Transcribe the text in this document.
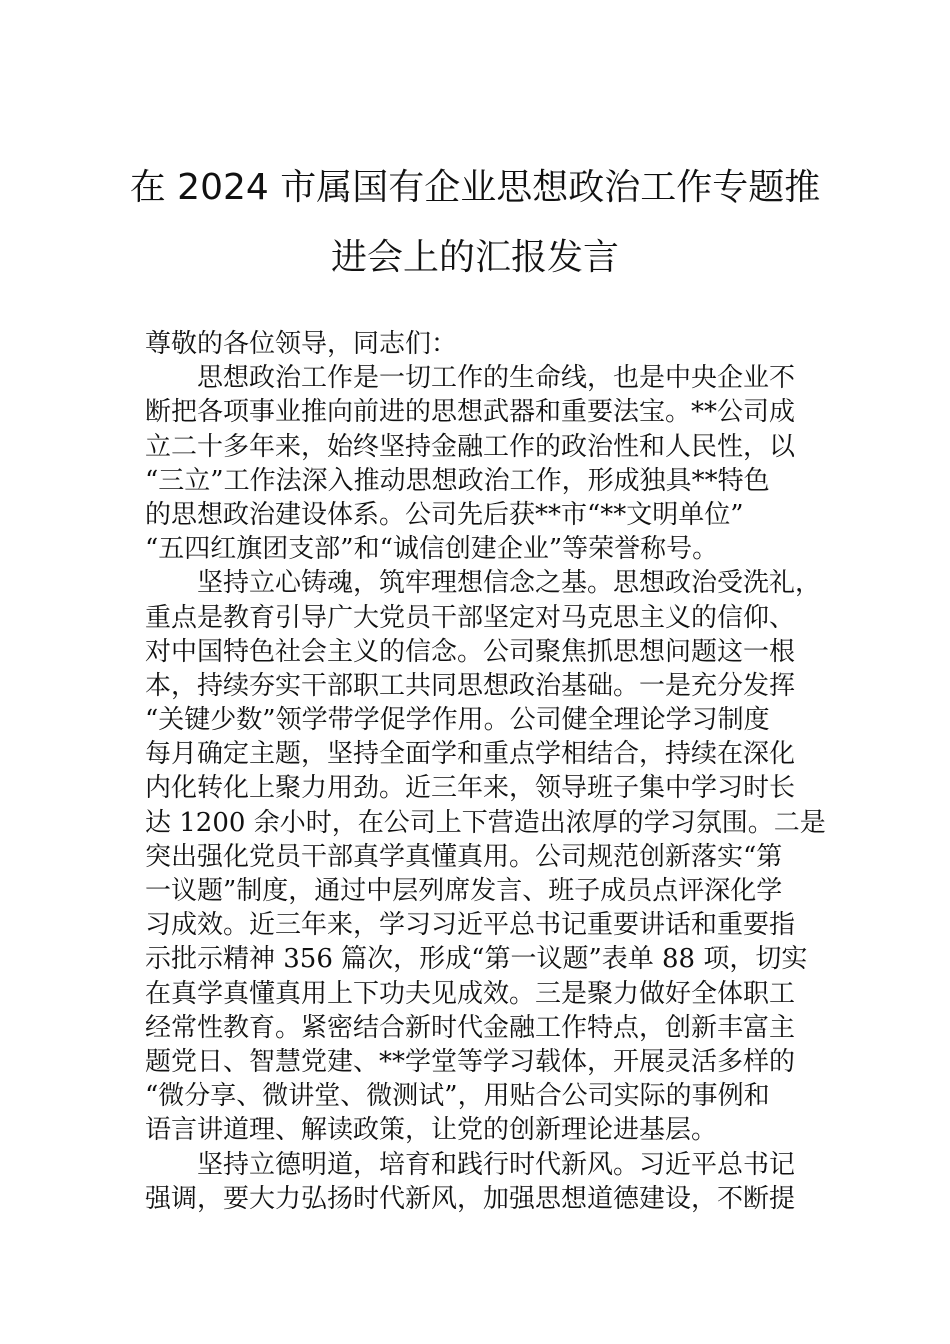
在 2024 市属国有企业思想政治工作专题推
进会上的汇报发言
尊敬的各位领导，同志们：
思想政治工作是一切工作的生命线，也是中央企业不
断把各项事业推向前进的思想武器和重要法宝。**公司成
立二十多年来，始终坚持金融工作的政治性和人民性，以
“三立”工作法深入推动思想政治工作，形成独具**特色
的思想政治建设体系。公司先后获**市“**文明单位”
“五四红旗团支部”和“诚信创建企业”等荣誉称号。
坚持立心铸魂，筑牢理想信念之基。思想政治受洗礼，
重点是教育引导广大党员干部坚定对马克思主义的信仰、
对中国特色社会主义的信念。公司聚焦抓思想问题这一根
本，持续夯实干部职工共同思想政治基础。一是充分发挥
“关键少数”领学带学促学作用。公司健全理论学习制度
每月确定主题，坚持全面学和重点学相结合，持续在深化
内化转化上聚力用劲。近三年来，领导班子集中学习时长
达 1200 余小时，在公司上下营造出浓厚的学习氛围。二是
突出强化党员干部真学真懂真用。公司规范创新落实“第
一议题”制度，通过中层列席发言、班子成员点评深化学
习成效。近三年来，学习习近平总书记重要讲话和重要指
示批示精神 356 篇次，形成“第一议题”表单 88 项，切实
在真学真懂真用上下功夫见成效。三是聚力做好全体职工
经常性教育。紧密结合新时代金融工作特点，创新丰富主
题党日、智慧党建、**学堂等学习载体，开展灵活多样的
“微分享、微讲堂、微测试”，用贴合公司实际的事例和
语言讲道理、解读政策，让党的创新理论进基层。
坚持立德明道，培育和践行时代新风。习近平总书记
强调，要大力弘扬时代新风，加强思想道德建设，不断提
